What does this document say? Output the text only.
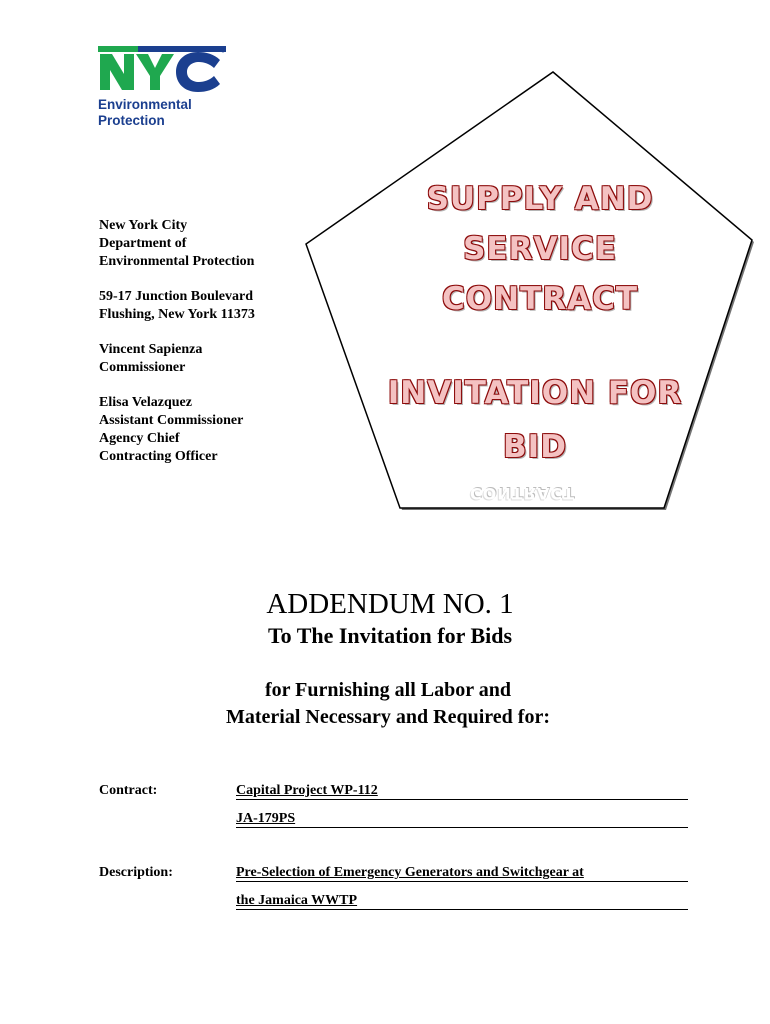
Environmental
Protection
New York City
Department of
Environmental Protection
59-17 Junction Boulevard
Flushing, New York 11373
Vincent Sapienza
Commissioner
Elisa Velazquez
Assistant Commissioner
Agency Chief
Contracting Officer
SUPPLY AND
SERVICE
CONTRACT
INVITATION FOR
BID
CONTRACT
ADDENDUM NO. 1
To The Invitation for Bids
for Furnishing all Labor and
Material Necessary and Required for:
Contract:	Capital Project WP-112
JA-179PS
Description:	Pre-Selection of Emergency Generators and Switchgear at
the Jamaica WWTP
